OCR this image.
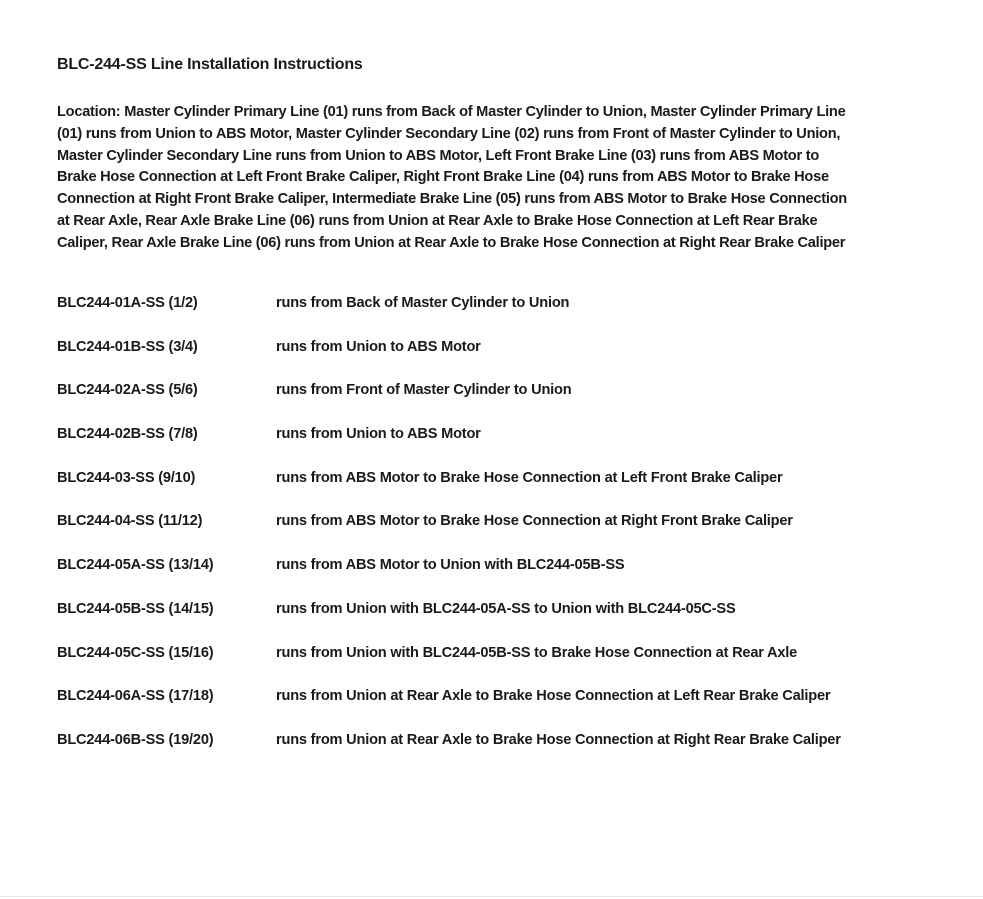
BLC-244-SS Line Installation Instructions
Location: Master Cylinder Primary Line (01) runs from Back of Master Cylinder to Union, Master Cylinder Primary Line
(01) runs from Union to ABS Motor, Master Cylinder Secondary Line (02) runs from Front of Master Cylinder to Union,
Master Cylinder Secondary Line runs from Union to ABS Motor, Left Front Brake Line (03) runs from ABS Motor to
Brake Hose Connection at Left Front Brake Caliper, Right Front Brake Line (04) runs from ABS Motor to Brake Hose
Connection at Right Front Brake Caliper, Intermediate Brake Line (05) runs from ABS Motor to Brake Hose Connection
at Rear Axle, Rear Axle Brake Line (06) runs from Union at Rear Axle to Brake Hose Connection at Left Rear Brake
Caliper, Rear Axle Brake Line (06) runs from Union at Rear Axle to Brake Hose Connection at Right Rear Brake Caliper
BLC244-01A-SS (1/2)	runs from Back of Master Cylinder to Union
BLC244-01B-SS (3/4)	runs from Union to ABS Motor
BLC244-02A-SS (5/6)	runs from Front of Master Cylinder to Union
BLC244-02B-SS (7/8)	runs from Union to ABS Motor
BLC244-03-SS (9/10)	runs from ABS Motor to Brake Hose Connection at Left Front Brake Caliper
BLC244-04-SS (11/12)	runs from ABS Motor to Brake Hose Connection at Right Front Brake Caliper
BLC244-05A-SS (13/14)	runs from ABS Motor to Union with BLC244-05B-SS
BLC244-05B-SS (14/15)	runs from Union with BLC244-05A-SS to Union with BLC244-05C-SS
BLC244-05C-SS (15/16)	runs from Union with BLC244-05B-SS to Brake Hose Connection at Rear Axle
BLC244-06A-SS (17/18)	runs from Union at Rear Axle to Brake Hose Connection at Left Rear Brake Caliper
BLC244-06B-SS (19/20)	runs from Union at Rear Axle to Brake Hose Connection at Right Rear Brake Caliper
